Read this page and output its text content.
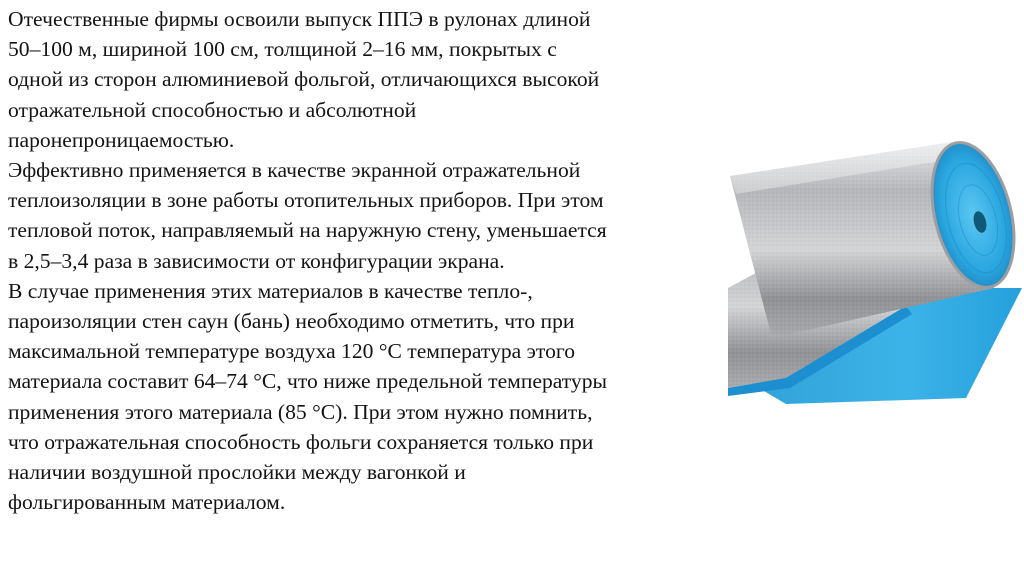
Отечественные фирмы освоили выпуск ППЭ в рулонах длиной

50–100 м, шириной 100 см, толщиной 2–16 мм, покрытых с

одной из сторон алюминиевой фольгой, отличающихся высокой

отражательной способностью и абсолютной

паронепроницаемостью.

Эффективно применяется в качестве экранной отражательной

теплоизоляции в зоне работы отопительных приборов. При этом

тепловой поток, направляемый на наружную стену, уменьшается

в 2,5–3,4 раза в зависимости от конфигурации экрана.

В случае применения этих материалов в качестве тепло-,

пароизоляции стен саун (бань) необходимо отметить, что при

максимальной температуре воздуха 120 °С температура этого

материала составит 64–74 °С, что ниже предельной температуры

применения этого материала (85 °С). При этом нужно помнить,

что отражательная способность фольги сохраняется только при

наличии воздушной прослойки между вагонкой и

фольгированным материалом.
